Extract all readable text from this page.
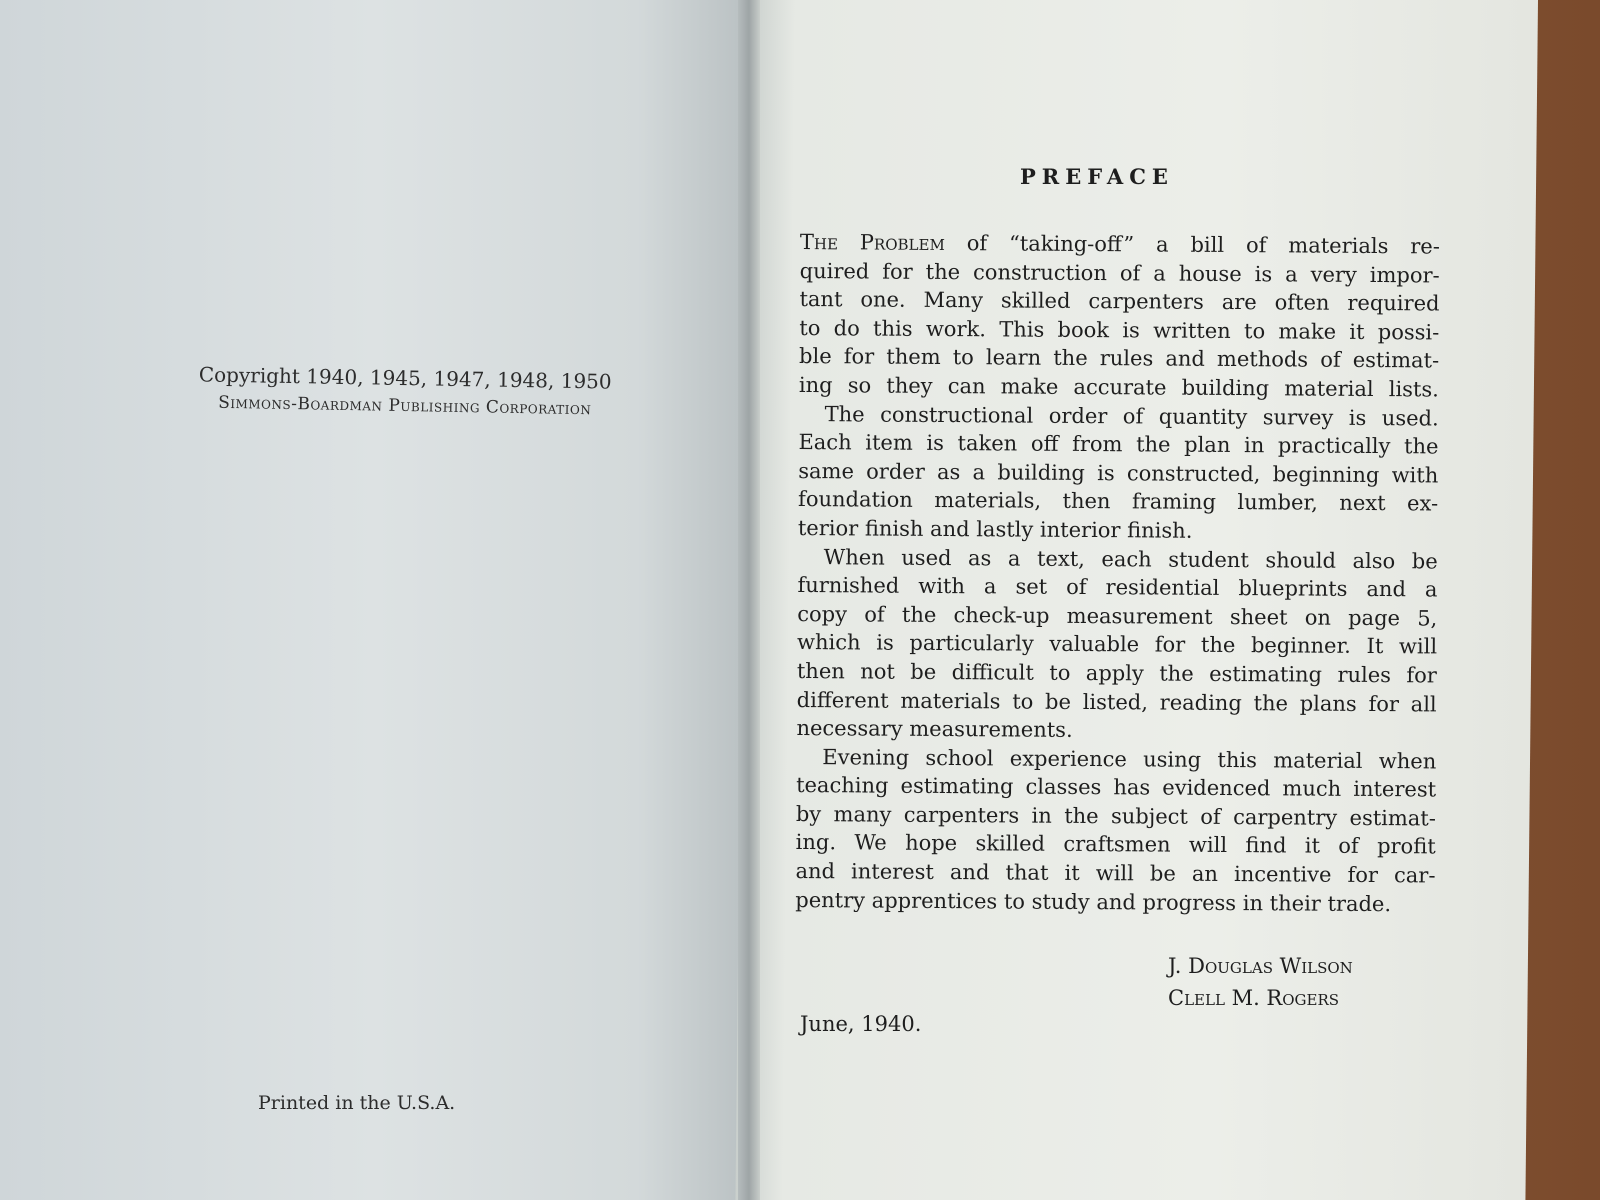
Copyright 1940, 1945, 1947, 1948, 1950
Simmons-Boardman Publishing Corporation
Printed in the U.S.A.
PREFACE
The Problem of “taking-off” a bill of materials re-
quired for the construction of a house is a very impor-
tant one. Many skilled carpenters are often required
to do this work. This book is written to make it possi-
ble for them to learn the rules and methods of estimat-
ing so they can make accurate building material lists.
The constructional order of quantity survey is used.
Each item is taken off from the plan in practically the
same order as a building is constructed, beginning with
foundation materials, then framing lumber, next ex-
terior finish and lastly interior finish.
When used as a text, each student should also be
furnished with a set of residential blueprints and a
copy of the check-up measurement sheet on page 5,
which is particularly valuable for the beginner. It will
then not be difficult to apply the estimating rules for
different materials to be listed, reading the plans for all
necessary measurements.
Evening school experience using this material when
teaching estimating classes has evidenced much interest
by many carpenters in the subject of carpentry estimat-
ing. We hope skilled craftsmen will find it of profit
and interest and that it will be an incentive for car-
pentry apprentices to study and progress in their trade.
J. Douglas Wilson
Clell M. Rogers
June, 1940.
